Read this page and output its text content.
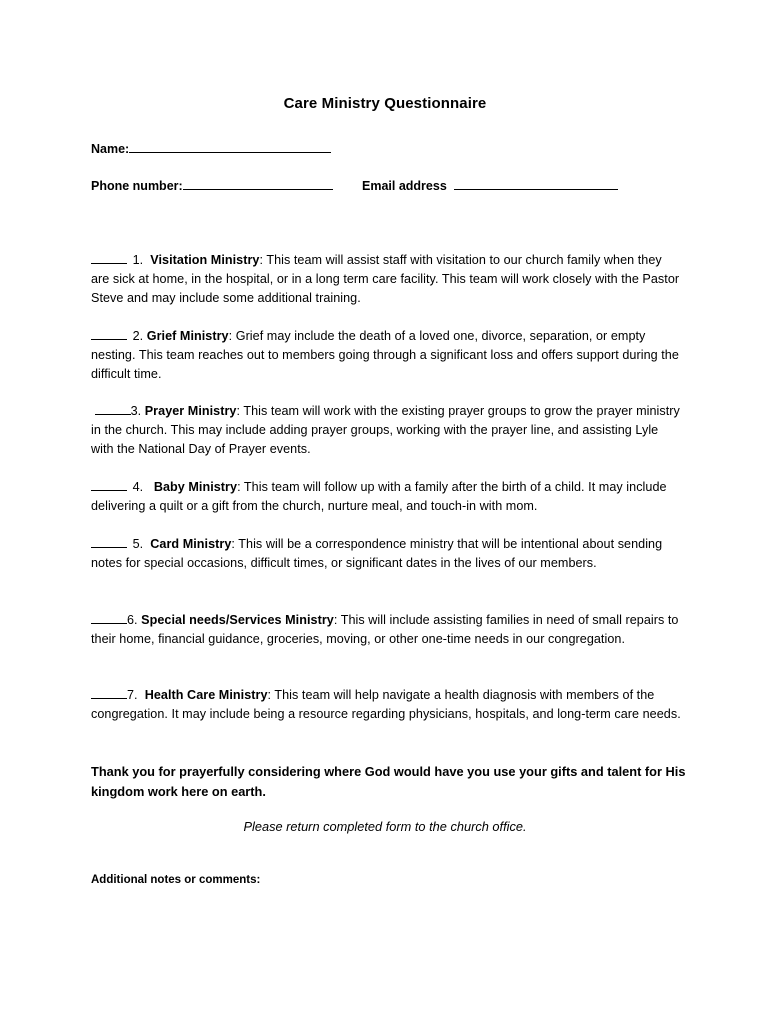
Care Ministry Questionnaire
Name:
Phone number:	Email address
1. Visitation Ministry: This team will assist staff with visitation to our church family when they are sick at home, in the hospital, or in a long term care facility. This team will work closely with the Pastor Steve and may include some additional training.
2. Grief Ministry: Grief may include the death of a loved one, divorce, separation, or empty nesting. This team reaches out to members going through a significant loss and offers support during the difficult time.
3. Prayer Ministry: This team will work with the existing prayer groups to grow the prayer ministry in the church. This may include adding prayer groups, working with the prayer line, and assisting Lyle with the National Day of Prayer events.
4. Baby Ministry: This team will follow up with a family after the birth of a child. It may include delivering a quilt or a gift from the church, nurture meal, and touch-in with mom.
5. Card Ministry: This will be a correspondence ministry that will be intentional about sending notes for special occasions, difficult times, or significant dates in the lives of our members.
6. Special needs/Services Ministry: This will include assisting families in need of small repairs to their home, financial guidance, groceries, moving, or other one-time needs in our congregation.
7. Health Care Ministry: This team will help navigate a health diagnosis with members of the congregation. It may include being a resource regarding physicians, hospitals, and long-term care needs.
Thank you for prayerfully considering where God would have you use your gifts and talent for His kingdom work here on earth.
Please return completed form to the church office.
Additional notes or comments:
